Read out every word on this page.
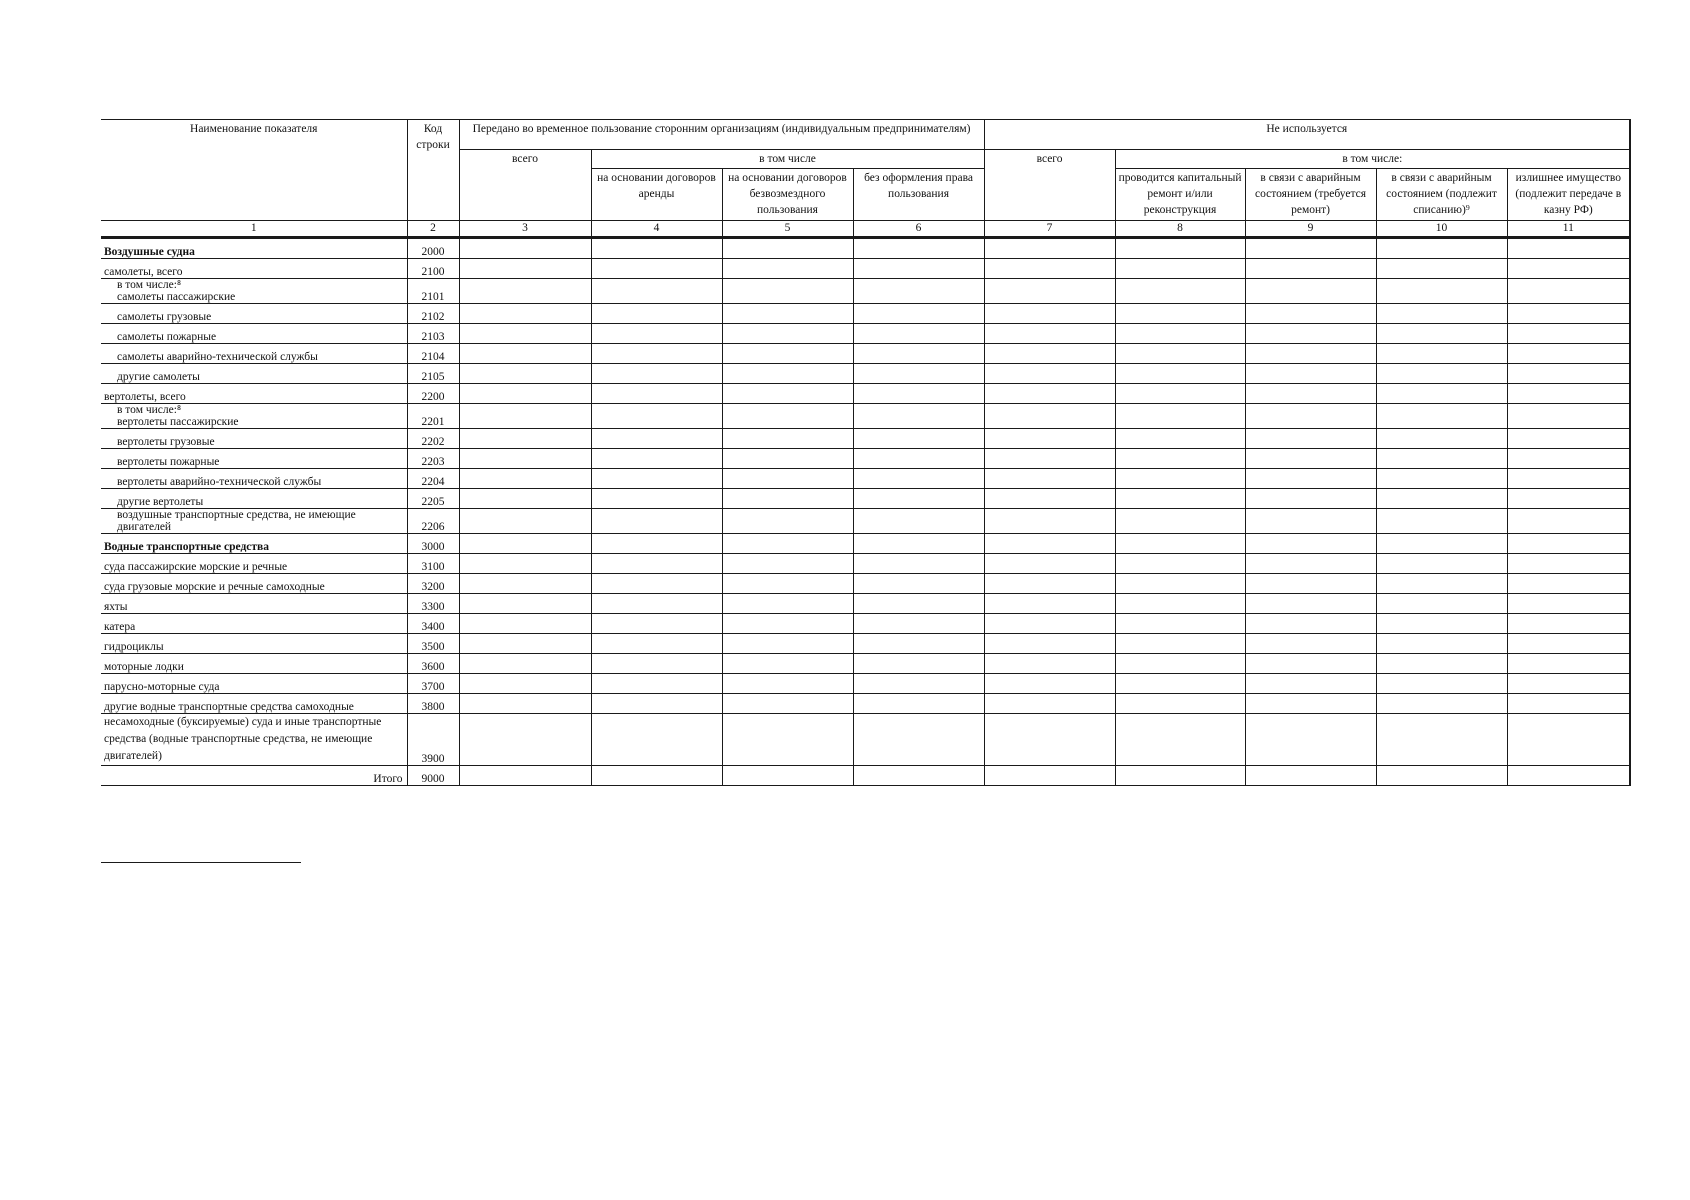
Наименование показателя	Код строки	Передано во временное пользование сторонним организациям (индивидуальным предпринимателям)				Не используется				
		всего	в том числе			всего	в том числе:			
			на основании договоров аренды	на основании договоров безвозмездного пользования	без оформления права пользования		проводится капитальный ремонт и/или реконструкция	в связи с аварийным состоянием (требуется ремонт)	в связи с аварийным состоянием (подлежит списанию)⁹	излишнее имущество (подлежит передаче в казну РФ)
1	2	3	4	5	6	7	8	9	10	11
Воздушные судна	2000									
самолеты, всего	2100									

в том числе:⁸
самолеты пассажирские	2101									
самолеты грузовые	2102									
самолеты пожарные	2103									
самолеты аварийно-технической службы	2104									
другие самолеты	2105									
вертолеты, всего	2200									

в том числе:⁸
вертолеты пассажирские	2201									
вертолеты грузовые	2202									
вертолеты пожарные	2203									
вертолеты аварийно-технической службы	2204									
другие вертолеты	2205									

воздушные транспортные средства, не имеющие
двигателей	2206									
Водные транспортные средства	3000									
суда пассажирские морские и речные	3100									
суда грузовые морские и речные самоходные	3200									
яхты	3300									
катера	3400									
гидроциклы	3500									
моторные лодки	3600									
парусно-моторные суда	3700									
другие водные транспортные средства самоходные	3800									
несамоходные (буксируемые) суда и иные транспортные средства (водные транспортные средства, не имеющие двигателей)	3900									
Итого	9000									
